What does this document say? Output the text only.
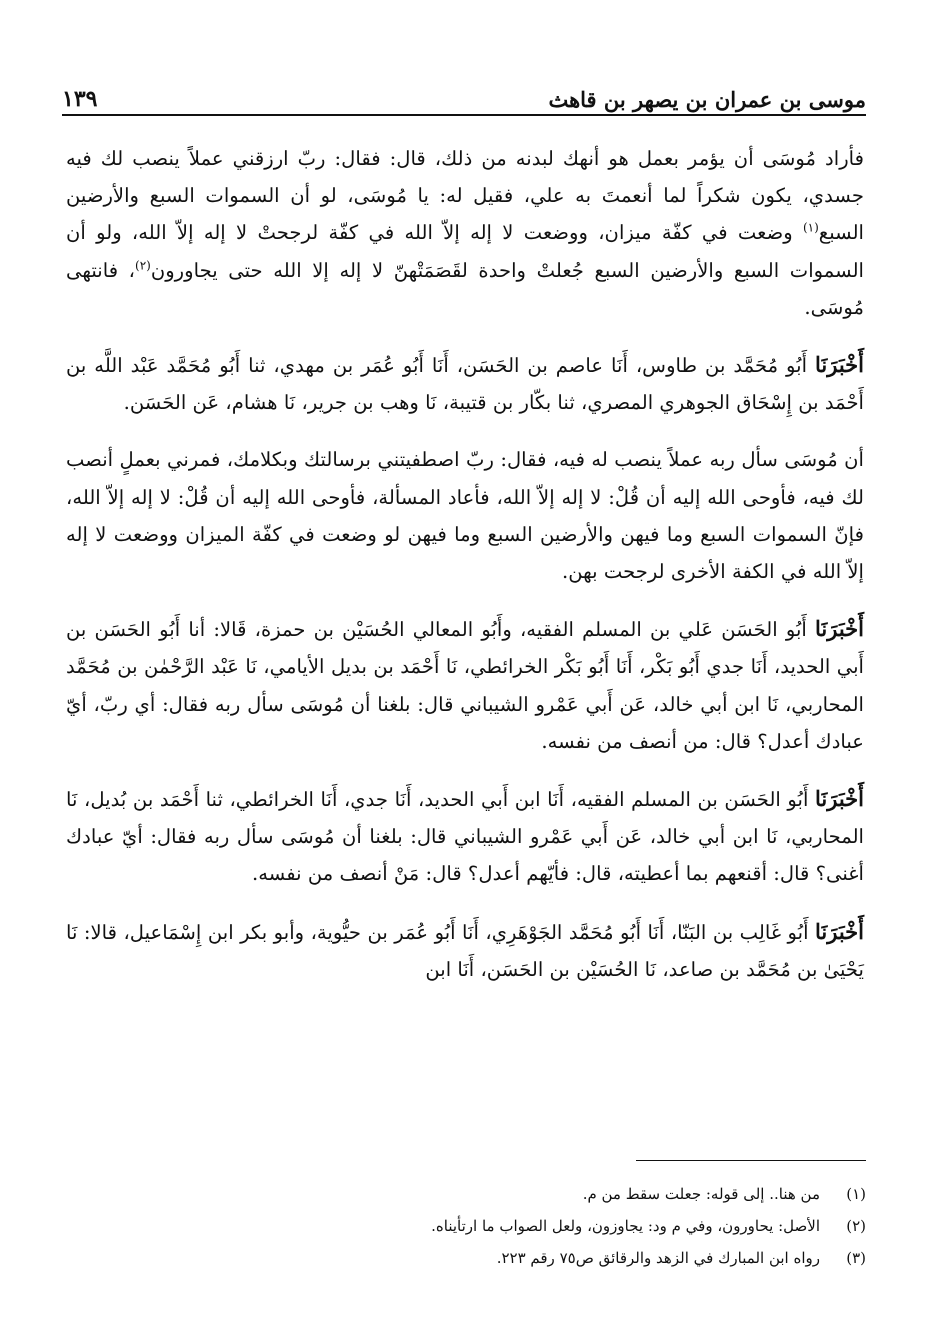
موسى بن عمران بن يصهر بن قاهث
١٣٩

فأراد مُوسَى أن يؤمر بعمل هو أنهك لبدنه من ذلك، قال: فقال: ربّ ارزقني عملاً ينصب لك فيه جسدي، يكون شكراً لما أنعمتَ به علي، فقيل له: يا مُوسَى، لو أن السموات السبع والأرضين السبع$^{(١)}$ وضعت في كفّة ميزان، ووضعت لا إله إلاّ الله في كفّة لرجحتْ لا إله إلاّ الله، ولو أن السموات السبع والأرضين السبع جُعلتْ واحدة لقَصَمَتْهنّ لا إله إلا الله حتى يجاورون$^{(٢)}$، فانتهى مُوسَى.

أَخْبَرَنَا أَبُو مُحَمَّد بن طاوس، أَنَا عاصم بن الحَسَن، أَنَا أَبُو عُمَر بن مهدي، ثنا أَبُو مُحَمَّد عَبْد اللَّه بن أَحْمَد بن إِسْحَاق الجوهري المصري، ثنا بكّار بن قتيبة، نَا وهب بن جرير، نَا هشام، عَن الحَسَن.

أن مُوسَى سأل ربه عملاً ينصب له فيه، فقال: ربّ اصطفيتني برسالتك وبكلامك، فمرني بعملٍ أنصب لك فيه، فأوحى الله إليه أن قُلْ: لا إله إلاّ الله، فأعاد المسألة، فأوحى الله إليه أن قُلْ: لا إله إلاّ الله، فإنّ السموات السبع وما فيهن والأرضين السبع وما فيهن لو وضعت في كفّة الميزان ووضعت لا إله إلاّ الله في الكفة الأخرى لرجحت بهن.

أَخْبَرَنَا أَبُو الحَسَن عَلي بن المسلم الفقيه، وأَبُو المعالي الحُسَيْن بن حمزة، قَالا: أنا أَبُو الحَسَن بن أَبي الحديد، أَنَا جدي أَبُو بَكْر، أَنَا أَبُو بَكْر الخرائطي، نَا أَحْمَد بن بديل الأيامي، نَا عَبْد الرَّحْمٰن بن مُحَمَّد المحاربي، نَا ابن أبي خالد، عَن أَبي عَمْرو الشيباني قال: بلغنا أن مُوسَى سأل ربه فقال: أي ربّ، أيّ عبادك أعدل؟ قال: من أنصف من نفسه.

أَخْبَرَنَا أَبُو الحَسَن بن المسلم الفقيه، أَنَا ابن أَبي الحديد، أَنَا جدي، أَنَا الخرائطي، ثنا أَحْمَد بن بُديل، نَا المحاربي، نَا ابن أبي خالد، عَن أَبي عَمْرو الشيباني قال: بلغنا أن مُوسَى سأل ربه فقال: أيّ عبادك أغنى؟ قال: أقنعهم بما أعطيته، قال: فأيّهم أعدل؟ قال: مَنْ أنصف من نفسه.

أَخْبَرَنَا أَبُو غَالِب بن البَنّا، أَنَا أَبُو مُحَمَّد الجَوْهَرِي، أَنَا أَبُو عُمَر بن حيُّوية، وأبو بكر ابن إِسْمَاعيل، قالا: نَا يَحْيَىٰ بن مُحَمَّد بن صاعد، نَا الحُسَيْن بن الحَسَن، أَنَا ابن

(١)
من هنا.. إلى قوله: جعلت سقط من م.
(٢)
الأصل: يحاورون، وفي م ود: يجاوزون، ولعل الصواب ما ارتأيناه.
(٣)
رواه ابن المبارك في الزهد والرقائق ص٧٥ رقم ٢٢٣.
